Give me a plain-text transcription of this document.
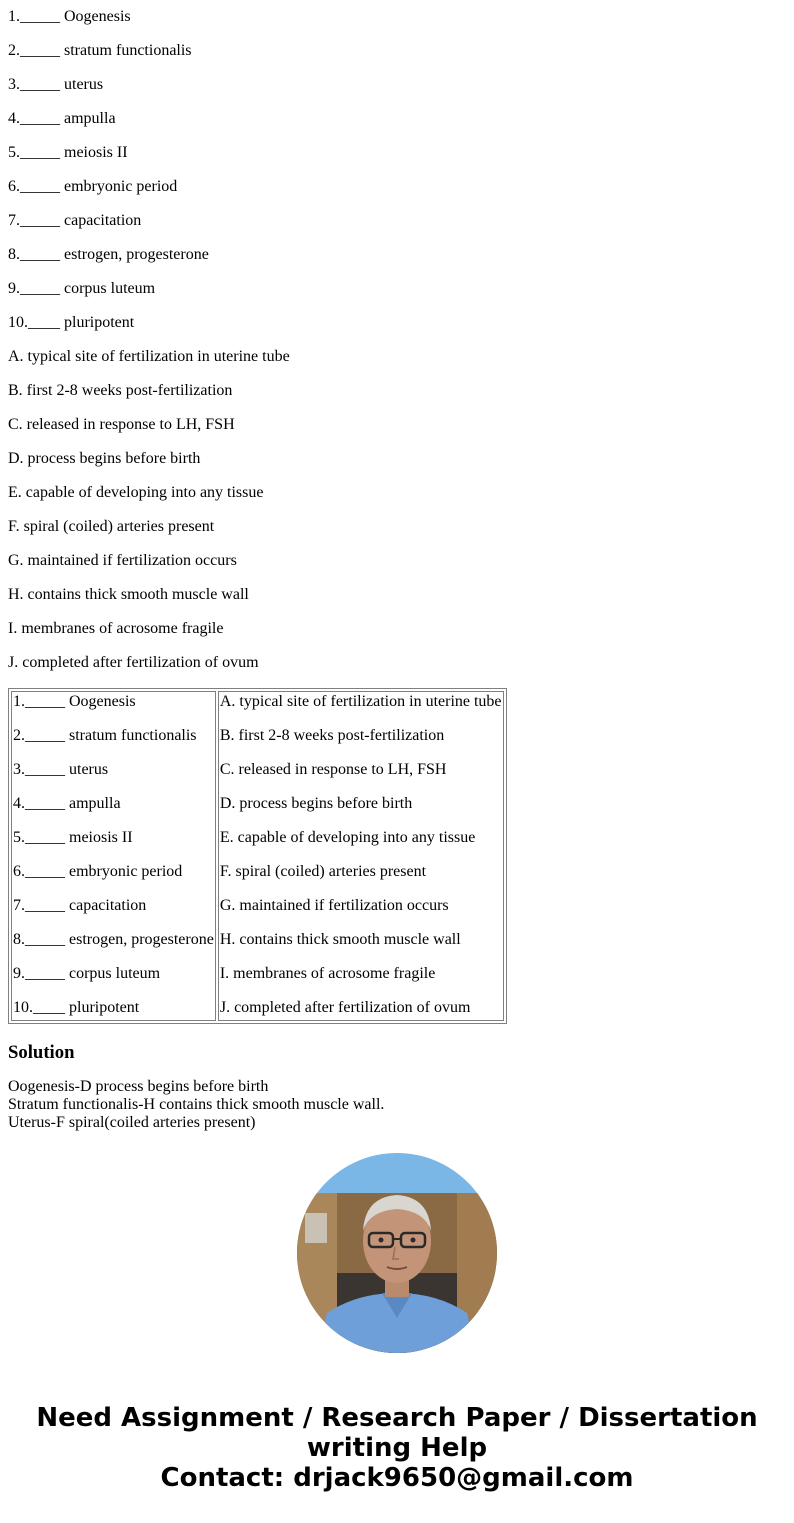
1._____ Oogenesis
2._____ stratum functionalis
3._____ uterus
4._____ ampulla
5._____ meiosis II
6._____ embryonic period
7._____ capacitation
8._____ estrogen, progesterone
9._____ corpus luteum
10.____ pluripotent
A. typical site of fertilization in uterine tube
B. first 2-8 weeks post-fertilization
C. released in response to LH, FSH
D. process begins before birth
E. capable of developing into any tissue
F. spiral (coiled) arteries present
G. maintained if fertilization occurs
H. contains thick smooth muscle wall
I. membranes of acrosome fragile
J. completed after fertilization of ovum
1._____ Oogenesis
2._____ stratum functionalis
3._____ uterus
4._____ ampulla
5._____ meiosis II
6._____ embryonic period
7._____ capacitation
8._____ estrogen, progesterone
9._____ corpus luteum
10.____ pluripotent

A. typical site of fertilization in uterine tube
B. first 2-8 weeks post-fertilization
C. released in response to LH, FSH
D. process begins before birth
E. capable of developing into any tissue
F. spiral (coiled) arteries present
G. maintained if fertilization occurs
H. contains thick smooth muscle wall
I. membranes of acrosome fragile
J. completed after fertilization of ovum
Solution
Oogenesis-D process begins before birth
Stratum functionalis-H contains thick smooth muscle wall.
Uterus-F spiral(coiled arteries present)
Need Assignment / Research Paper / Dissertation
writing Help
Contact: drjack9650@gmail.com
